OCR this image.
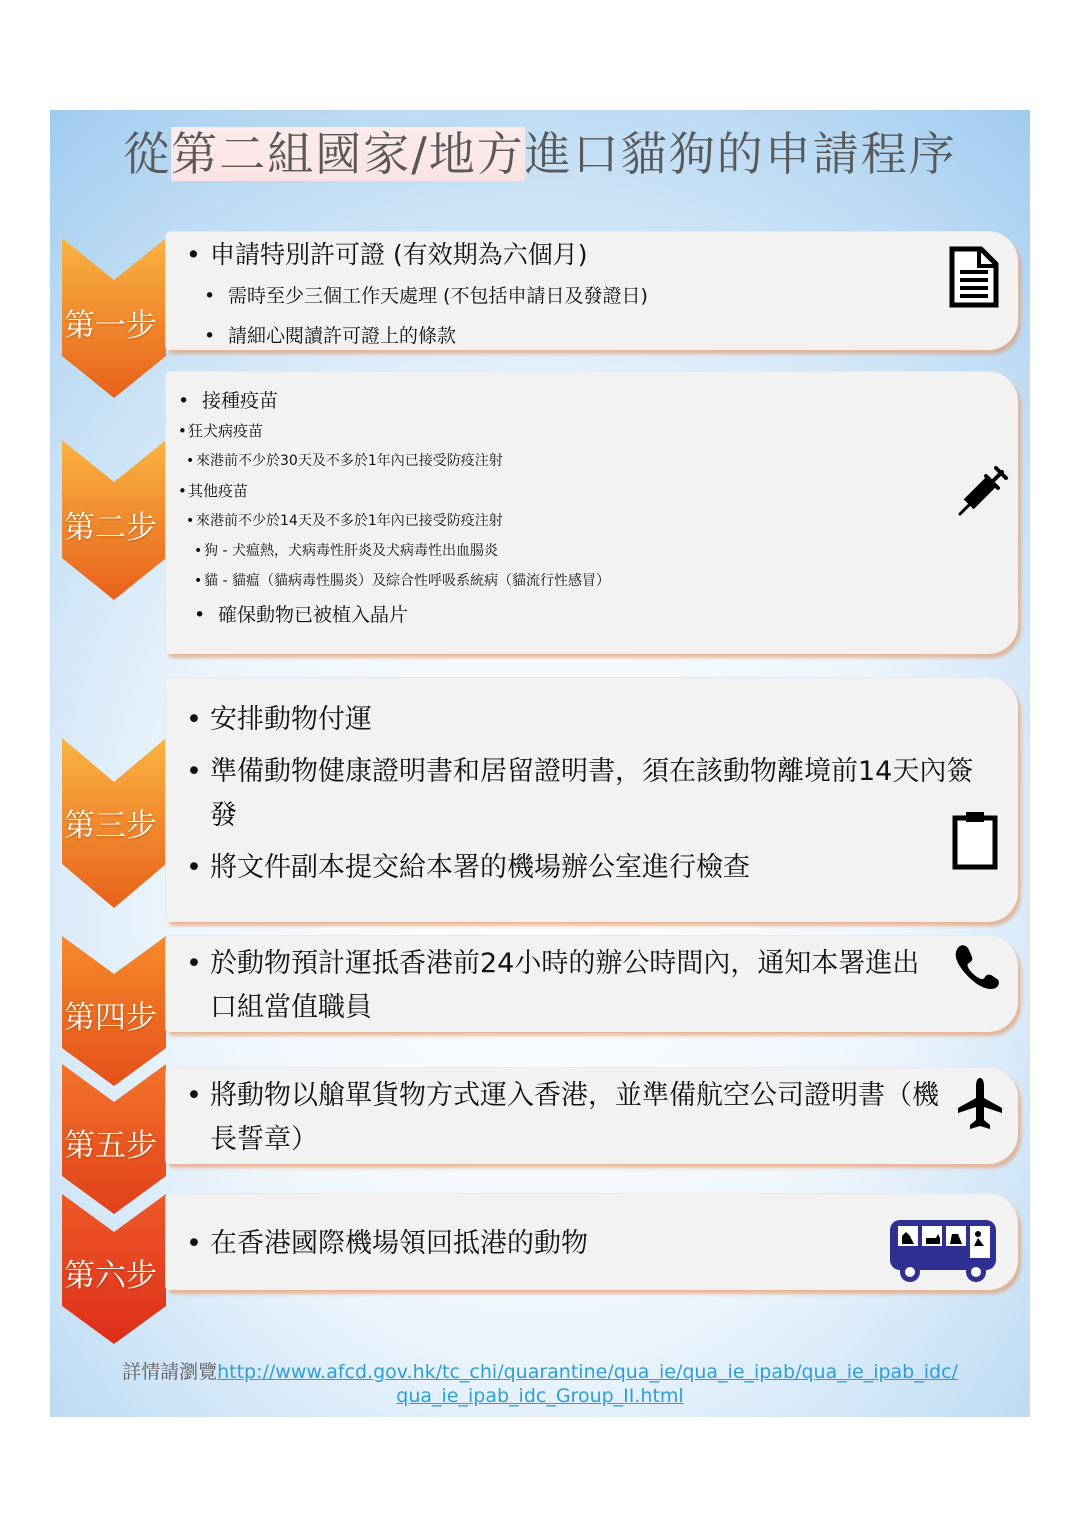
從第二組國家/地方進口貓狗的申請程序
第一步
• 申請特別許可證 (有效期為六個月)
• 需時至少三個工作天處理 (不包括申請日及發證日)
• 請細心閱讀許可證上的條款
第二步
• 接種疫苗
• 狂犬病疫苗
• 來港前不少於30天及不多於1年內已接受防疫注射
• 其他疫苗
• 來港前不少於14天及不多於1年內已接受防疫注射
• 狗 - 犬瘟熱，犬病毒性肝炎及犬病毒性出血腸炎
• 貓 - 貓瘟（貓病毒性腸炎）及綜合性呼吸系統病（貓流行性感冒）
• 確保動物已被植入晶片
第三步
• 安排動物付運
• 準備動物健康證明書和居留證明書，須在該動物離境前14天內簽發
• 將文件副本提交給本署的機場辦公室進行檢查
第四步
• 於動物預計運抵香港前24小時的辦公時間內，通知本署進出口組當值職員
第五步
• 將動物以艙單貨物方式運入香港，並準備航空公司證明書（機長誓章）
第六步
• 在香港國際機場領回抵港的動物
詳情請瀏覽http://www.afcd.gov.hk/tc_chi/quarantine/qua_ie/qua_ie_ipab/qua_ie_ipab_idc/
qua_ie_ipab_idc_Group_II.html
